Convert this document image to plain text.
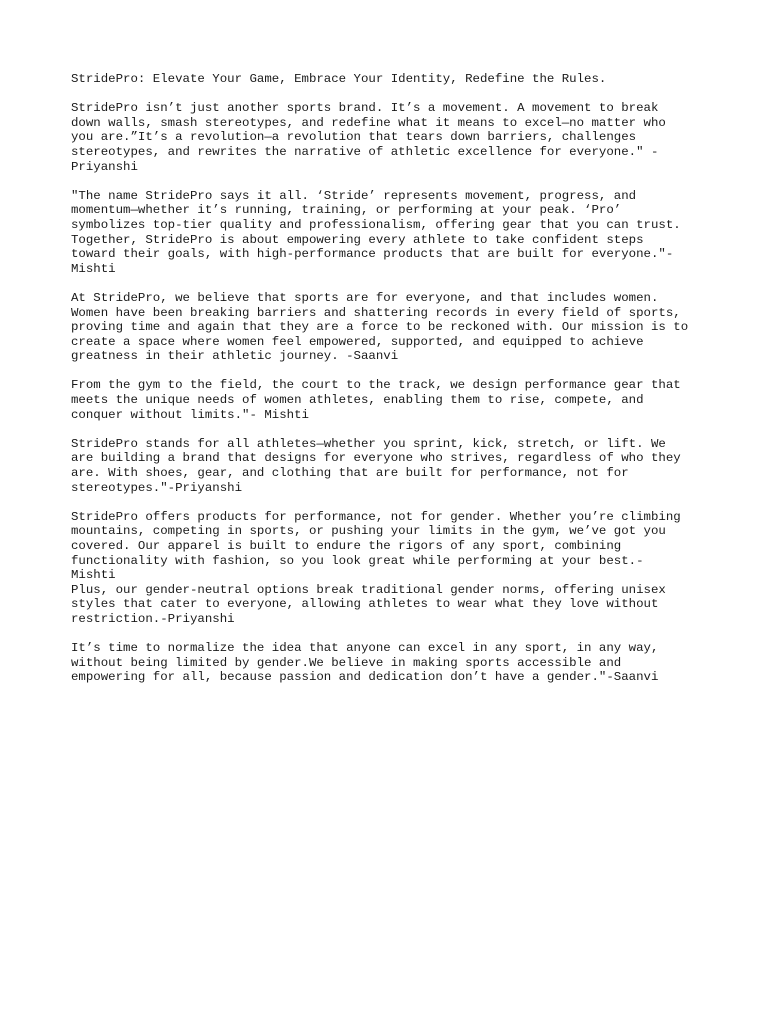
StridePro: Elevate Your Game, Embrace Your Identity, Redefine the Rules.

StridePro isn’t just another sports brand. It’s a movement. A movement to break
down walls, smash stereotypes, and redefine what it means to excel—no matter who
you are.”It’s a revolution—a revolution that tears down barriers, challenges
stereotypes, and rewrites the narrative of athletic excellence for everyone." -
Priyanshi

"The name StridePro says it all. ‘Stride’ represents movement, progress, and
momentum—whether it’s running, training, or performing at your peak. ‘Pro’
symbolizes top-tier quality and professionalism, offering gear that you can trust.
Together, StridePro is about empowering every athlete to take confident steps
toward their goals, with high-performance products that are built for everyone."-
Mishti

At StridePro, we believe that sports are for everyone, and that includes women.
Women have been breaking barriers and shattering records in every field of sports,
proving time and again that they are a force to be reckoned with. Our mission is to
create a space where women feel empowered, supported, and equipped to achieve
greatness in their athletic journey. -Saanvi

From the gym to the field, the court to the track, we design performance gear that
meets the unique needs of women athletes, enabling them to rise, compete, and
conquer without limits."- Mishti

StridePro stands for all athletes—whether you sprint, kick, stretch, or lift. We
are building a brand that designs for everyone who strives, regardless of who they
are. With shoes, gear, and clothing that are built for performance, not for
stereotypes."-Priyanshi

StridePro offers products for performance, not for gender. Whether you’re climbing
mountains, competing in sports, or pushing your limits in the gym, we’ve got you
covered. Our apparel is built to endure the rigors of any sport, combining
functionality with fashion, so you look great while performing at your best.-
Mishti

Plus, our gender-neutral options break traditional gender norms, offering unisex
styles that cater to everyone, allowing athletes to wear what they love without
restriction.-Priyanshi

It’s time to normalize the idea that anyone can excel in any sport, in any way,
without being limited by gender.We believe in making sports accessible and
empowering for all, because passion and dedication don’t have a gender."-Saanvi
